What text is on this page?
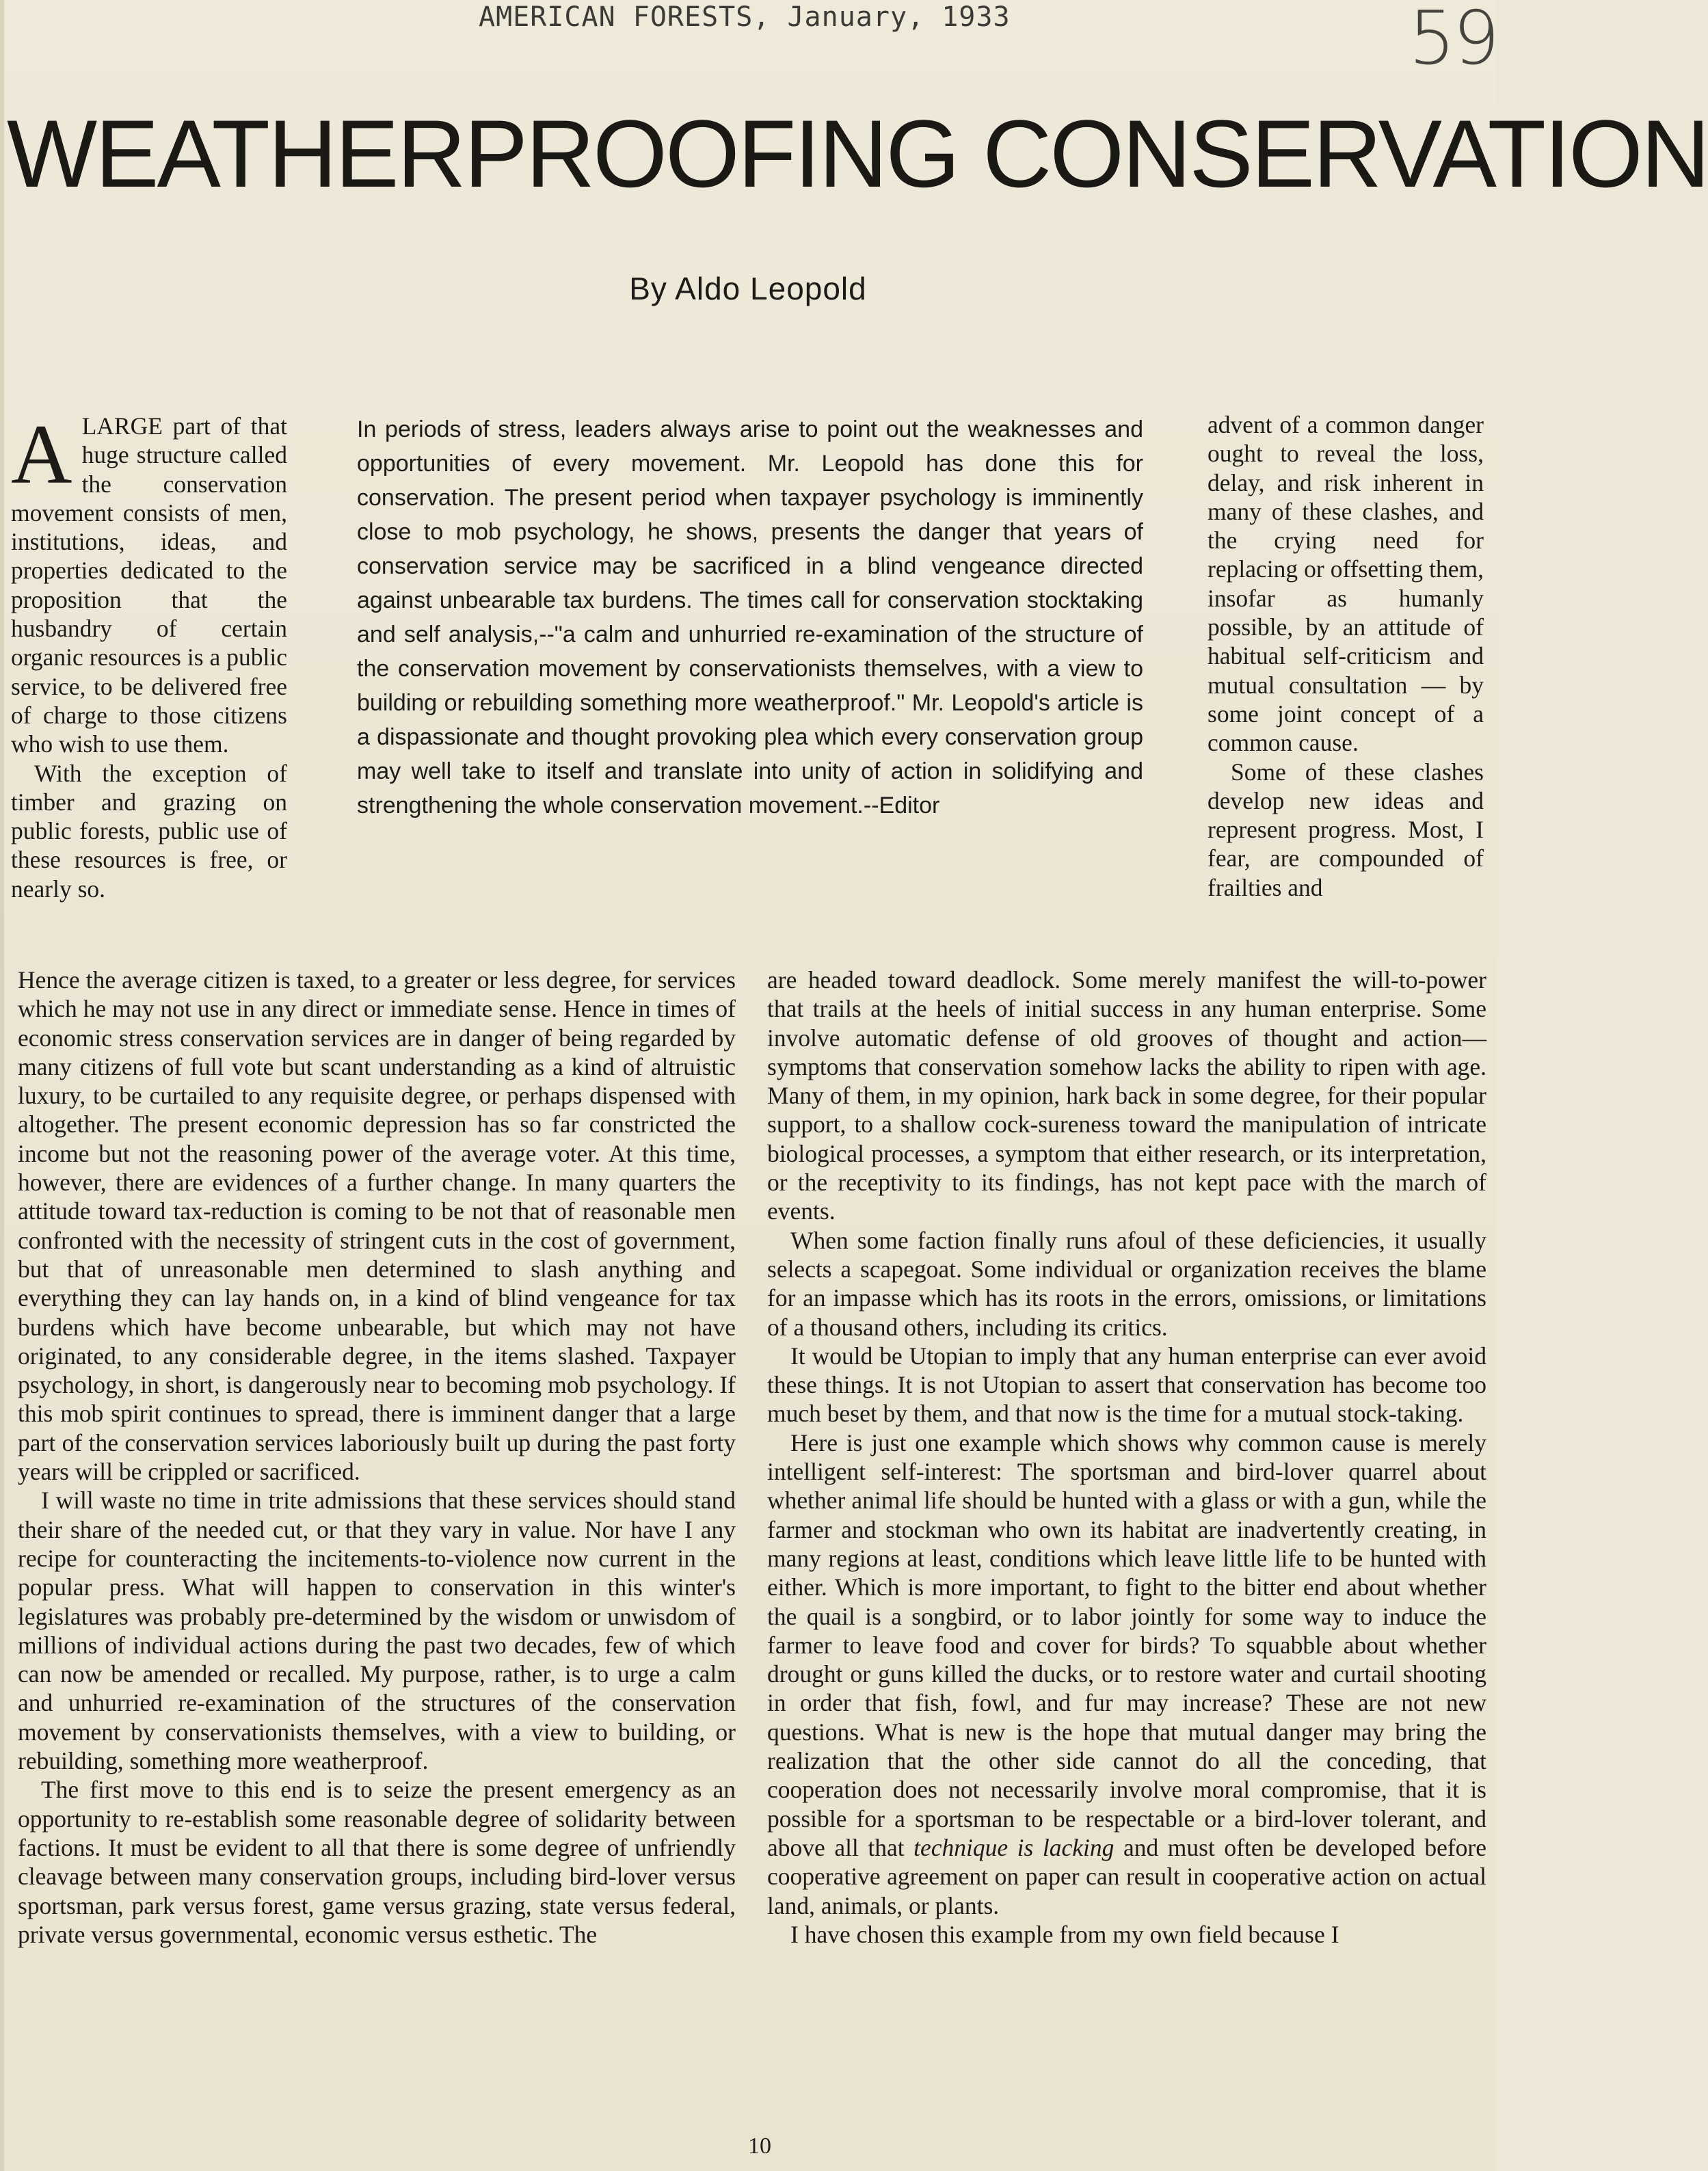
AMERICAN FORESTS, January, 1933	59
WEATHERPROOFING CONSERVATION
By Aldo Leopold

ALARGE part of that huge structure called the conservation movement consists of men, institutions, ideas, and properties dedicated to the proposition that the husbandry of certain organic resources is a public service, to be delivered free of charge to those citizens who wish to use them.

With the exception of timber and grazing on public forests, public use of these resources is free, or nearly so.

In periods of stress, leaders always arise to point out the weaknesses and opportunities of every movement. Mr. Leopold has done this for conservation. The present period when taxpayer psychology is imminently close to mob psychology, he shows, presents the danger that years of conservation service may be sacrificed in a blind vengeance directed against unbearable tax burdens. The times call for conservation stocktaking and self analysis,--"a calm and unhurried re-examination of the structure of the conservation movement by conservationists themselves, with a view to building or rebuilding something more weatherproof." Mr. Leopold's article is a dispassionate and thought provoking plea which every conservation group may well take to itself and translate into unity of action in solidifying and strengthening the whole conservation movement.--Editor

advent of a common danger ought to reveal the loss, delay, and risk inherent in many of these clashes, and the crying need for replacing or offsetting them, insofar as humanly possible, by an attitude of habitual self-criticism and mutual consultation — by some joint concept of a common cause.

Some of these clashes develop new ideas and represent progress. Most, I fear, are compounded of frailties and

Hence the average citizen is taxed, to a greater or less degree, for services which he may not use in any direct or immediate sense. Hence in times of economic stress conservation services are in danger of being regarded by many citizens of full vote but scant understanding as a kind of altruistic luxury, to be curtailed to any requisite degree, or perhaps dispensed with altogether. The present economic depression has so far constricted the income but not the reasoning power of the average voter. At this time, however, there are evidences of a further change. In many quarters the attitude toward tax-reduction is coming to be not that of reasonable men confronted with the necessity of stringent cuts in the cost of government, but that of unreasonable men determined to slash anything and everything they can lay hands on, in a kind of blind vengeance for tax burdens which have become unbearable, but which may not have originated, to any considerable degree, in the items slashed. Taxpayer psychology, in short, is dangerously near to becoming mob psychology. If this mob spirit continues to spread, there is imminent danger that a large part of the conservation services laboriously built up during the past forty years will be crippled or sacrificed.

I will waste no time in trite admissions that these services should stand their share of the needed cut, or that they vary in value. Nor have I any recipe for counteracting the incitements-to-violence now current in the popular press. What will happen to conservation in this winter's legislatures was probably pre-determined by the wisdom or unwisdom of millions of individual actions during the past two decades, few of which can now be amended or recalled. My purpose, rather, is to urge a calm and unhurried re-examination of the structures of the conservation movement by conservationists themselves, with a view to building, or rebuilding, something more weatherproof.

The first move to this end is to seize the present emergency as an opportunity to re-establish some reasonable degree of solidarity between factions. It must be evident to all that there is some degree of unfriendly cleavage between many conservation groups, including bird-lover versus sportsman, park versus forest, game versus grazing, state versus federal, private versus governmental, economic versus esthetic. The

are headed toward deadlock. Some merely manifest the will-to-power that trails at the heels of initial success in any human enterprise. Some involve automatic defense of old grooves of thought and action—symptoms that conservation somehow lacks the ability to ripen with age. Many of them, in my opinion, hark back in some degree, for their popular support, to a shallow cock-sureness toward the manipulation of intricate biological processes, a symptom that either research, or its interpretation, or the receptivity to its findings, has not kept pace with the march of events.

When some faction finally runs afoul of these deficiencies, it usually selects a scapegoat. Some individual or organization receives the blame for an impasse which has its roots in the errors, omissions, or limitations of a thousand others, including its critics.

It would be Utopian to imply that any human enterprise can ever avoid these things. It is not Utopian to assert that conservation has become too much beset by them, and that now is the time for a mutual stock-taking.

Here is just one example which shows why common cause is merely intelligent self-interest: The sportsman and bird-lover quarrel about whether animal life should be hunted with a glass or with a gun, while the farmer and stockman who own its habitat are inadvertently creating, in many regions at least, conditions which leave little life to be hunted with either. Which is more important, to fight to the bitter end about whether the quail is a songbird, or to labor jointly for some way to induce the farmer to leave food and cover for birds? To squabble about whether drought or guns killed the ducks, or to restore water and curtail shooting in order that fish, fowl, and fur may increase? These are not new questions. What is new is the hope that mutual danger may bring the realization that the other side cannot do all the conceding, that cooperation does not necessarily involve moral compromise, that it is possible for a sportsman to be respectable or a bird-lover tolerant, and above all that technique is lacking and must often be developed before cooperative agreement on paper can result in cooperative action on actual land, animals, or plants.

I have chosen this example from my own field because I

10
